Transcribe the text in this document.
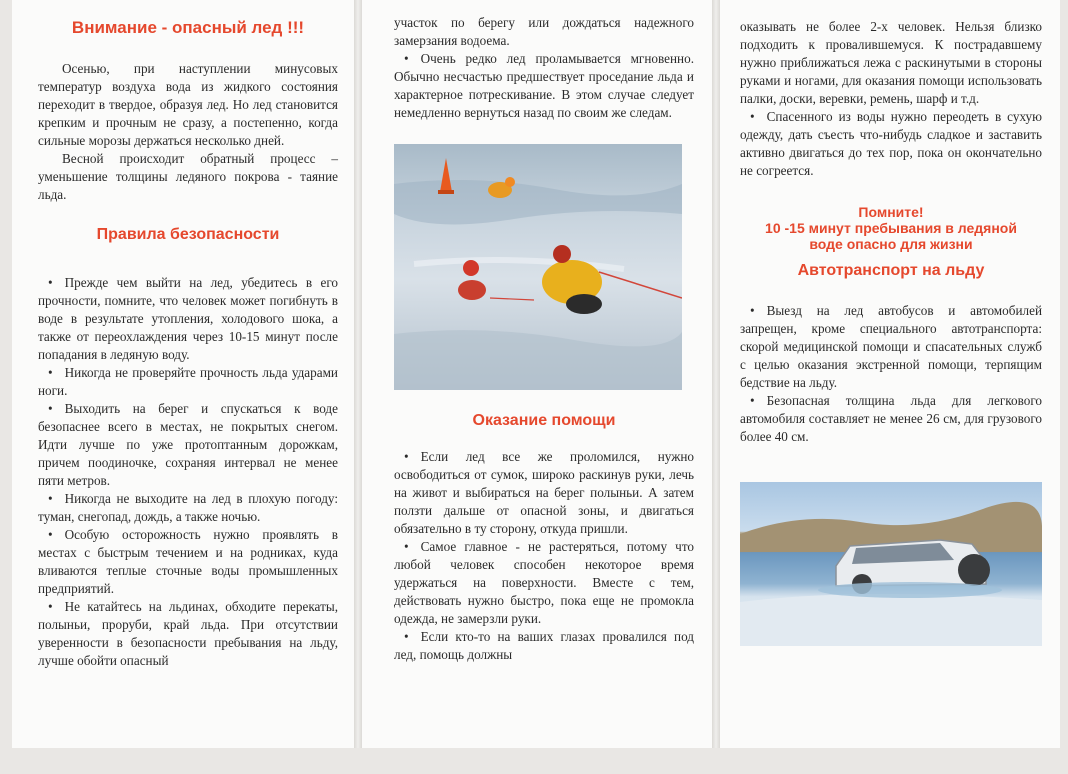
Внимание - опасный лед !!!

Осенью, при наступлении минусовых температур воздуха вода из жидкого состояния переходит в твердое, образуя лед. Но лед становится крепким и прочным не сразу, а постепенно, когда сильные морозы держаться несколько дней.

Весной происходит обратный процесс – уменьшение толщины ледяного покрова - таяние льда.

Правила безопасности

• Прежде чем выйти на лед, убедитесь в его прочности, помните, что человек может погибнуть в воде в результате утопления, холодового шока, а также от переохлаждения через 10-15 минут после попадания в ледяную воду.

• Никогда не проверяйте прочность льда ударами ноги.

• Выходить на берег и спускаться к воде безопаснее всего в местах, не покрытых снегом. Идти лучше по уже протоптанным дорожкам, причем поодиночке, сохраняя интервал не менее пяти метров.

• Никогда не выходите на лед в плохую погоду: туман, снегопад, дождь, а также ночью.

• Особую осторожность нужно проявлять в местах с быстрым течением и на родниках, куда вливаются теплые сточные воды промышленных предприятий.

• Не катайтесь на льдинах, обходите перекаты, полыньи, проруби, край льда. При отсутствии уверенности в безопасности пребывания на льду, лучше обойти опасный

участок по берегу или дождаться надежного замерзания водоема.

• Очень редко лед проламывается мгновенно. Обычно несчастью предшествует проседание льда и характерное потрескивание. В этом случае следует немедленно вернуться назад по своим же следам.

Оказание помощи

• Если лед все же проломился, нужно освободиться от сумок, широко раскинув руки, лечь на живот и выбираться на берег полыньи. А затем ползти дальше от опасной зоны, и двигаться обязательно в ту сторону, откуда пришли.

• Самое главное - не растеряться, потому что любой человек способен некоторое время удержаться на поверхности. Вместе с тем, действовать нужно быстро, пока еще не промокла одежда, не замерзли руки.

• Если кто-то на ваших глазах провалился под лед, помощь должны

оказывать не более 2-х человек. Нельзя близко подходить к провалившемуся. К пострадавшему нужно приближаться лежа с раскинутыми в стороны руками и ногами, для оказания помощи использовать палки, доски, веревки, ремень, шарф и т.д.

• Спасенного из воды нужно переодеть в сухую одежду, дать съесть что-нибудь сладкое и заставить активно двигаться до тех пор, пока он окончательно не согреется.

Помните!
10 -15 минут пребывания в ледяной воде опасно для жизни
Автотранспорт на льду

• Выезд на лед автобусов и автомобилей запрещен, кроме специального автотранспорта: скорой медицинской помощи и спасательных служб с целью оказания экстренной помощи, терпящим бедствие на льду.

• Безопасная толщина льда для легкового автомобиля составляет не менее 26 см, для грузового более 40 см.
